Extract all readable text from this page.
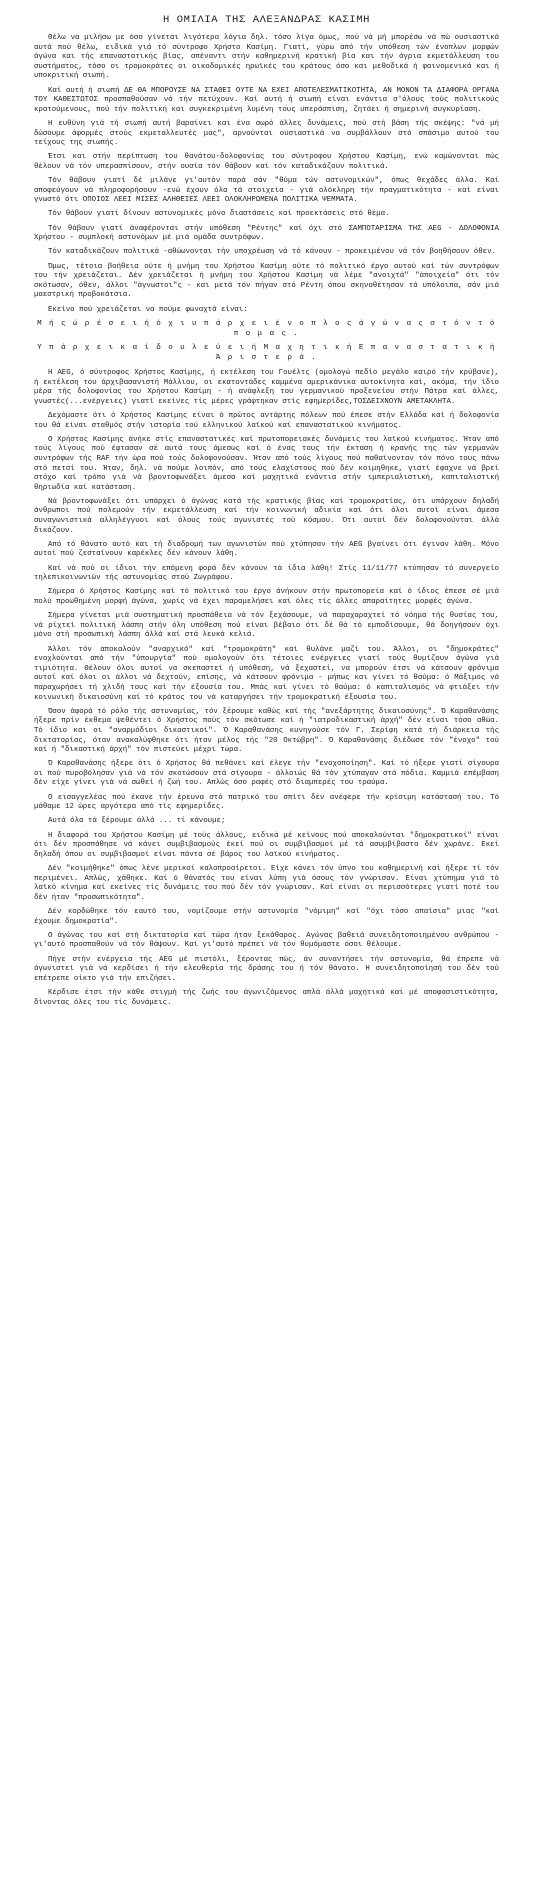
Η ΟΜΙΛΙΑ ΤΗΣ ΑΛΕΞΑΝΔΡΑΣ ΚΑΣΙΜΗ
Θέλω να μιλήσω με όσο γίνεται λιγότερα λόγια δηλ. τόσο λίγα όμως, πού νά μή μπορέσω νά πώ ουσιαστικά αυτά πού θέλω, ειδικά γιά τό σύντροφο Χρήστο Κασίμη. Γιατί, γύρω από τήν υπόθεση τών ένοπλων μορφών άγώνα και τής επαναστατικής βίας, απέναντι στήν καθημερινή κρατική βία και τήν άγρια εκμετάλλευση του συστήματος, τόσο οι τρομοκράτες οι οικοδομικές ηρωϊκές του κράτους όσο και μεθοδικά ή φαινομενικά και ή υποκριτική σιωπή.
Καί αυτή ή σιωπή ΔΕ ΘΑ ΜΠΟΡΟΥΣΕ ΝΑ ΣΤΑΘΕΙ ΟΥΤΕ ΝΑ ΕΧΕΙ ΑΠΟΤΕΛΕΣΜΑΤΙΚΟΤΗΤΑ, ΑΝ ΜΟΝΟΝ ΤΑ ΔΙΑΦΟΡΑ ΟΡΓΑΝΑ ΤΟΥ ΚΑΘΕΣΤΩΤΟΣ προσπαθούσαν νά τήν πετύχουν. Καί αυτή ή σιωπή είναι ενάντια σ'όλους τούς πολιτικούς κρατούμενους, πού τήν πολιτική και συγκεκριμένη λυμένη τους υπεράσπιση, ζητάει ή σημερινή συγκυρίαση.
Η ευθύνη γιά τή σιωπή αυτή βαραίνει και ένα σωρό άλλες δυνάμεις, πού στή βάση τής σκέψης: "νά μή δώσουμε άφορμές στούς εκμεταλλευτές μας", αρνούνται ουσιαστικά να συμβάλλουν στό σπάσιμο αυτού του τείχους της σιωπής.
Έτσι και στήν περίπτωση του θανάτου-δολοφονίας του σύντροφου Χρήστου Κασίμη, ενώ καμώνονται πώς θέλουν νά τόν υπερασπίσουν, στήν ουσία τόν θάβουν καί τόν καταδικάζουν πολιτικά.
Τόν θάβουν γιατί δέ μιλάνε γι'αυτόν παρά σάν "θύμα τών αστυνομικών", όπως θεχάδες άλλα. Καί αποφεύγουν νά πληροφορήσουν -ενώ έχουν όλα τά στοιχεία - γιά ολόκληρη τήν πραγματικότητα - καί είναι γνωστό ότι ΟΠΟΙΟΣ ΛΕΕΙ ΜΙΣΕΣ ΑΛΗΘΕΙΕΣ ΛΕΕΙ ΟΛΟΚΛΗΡΩΜΕΝΑ ΠΟΛΙΤΙΚΑ ΨΕΜΜΑΤΑ.
Τόν θάβουν γιατί δίνουν αστυνομικές μόνο διαστάσεις καί προεκτάσεις στό θέμα.
Τόν θάβουν γιατί άναφέρονται στήν υπόθεση "Ρέντης" καί όχι στό ΣΑΜΠΟΤΑΡΙΣΜΑ ΤΗΣ ΑΕG - ΔΟΛΟΦΟΝΙΑ Χρήστου - συμπλοκή αστυνόμων μέ μιά ομάδα συντρόφων.
Τόν καταδικάζουν πολιτικά -αθώωνονται τήν υποχρέωση νά τό κάνουν - προκειμένου νά τόν βοηθήσουν όθεν.
Όμως, τέτοια βοήθεια ούτε ή μνήμη του Χρήστου Κασίμη ούτε τό πολιτικό έργο αυτού καί τών συντρόφων του τήν χρειάζεται. Δέν χρειάζεται ή μνήμη του Χρήστου Κασίμη νά λέμε "ανοιχτά" "άποιχεία" ότι τόν σκότωσαν, όθεν, άλλοι "άγνωστοι"ς - και μετά τόν πήγαν στό Ρέντη όπου σκηνοθέτησαν τά υπόλοιπα, σάν μιά μαεστρική προβοκάτσια.
Εκείνο πού χρειάζεται να πούμε φωναχτά είναι:
Μ ή ς ώ ρ έ σ ε ι ή ό χ ι υ π ά ρ χ ε ι έ ν ο π λ ο ς ά γ ώ ν α ς σ τ ό ν τ ό π ο μ α ς .
Υ π ά ρ χ ε ι κ α ί δ ο υ λ ε ύ ε ι ή Μ α χ η τ ι κ ή Ε π α ν α σ τ α τ ι κ ή Ά ρ ι σ τ ε ρ ά .
Η ΑΕG, ό σύντροφος Χρήστος Κασίμης, ή εκτέλεση του Γουέλτς (ομολογώ πεδίο μεγάλο καιρό τήν κρύβανε), ή εκτέλεση του άρχιβασανιστή Μάλλιου, οι εκατοντάδες καμμένα αμερικάνικα αυτοκίνητα καί, ακόμα, τήν ίδιο μέρα τής δολοφονίας του Χρήστου Κασίμη - ή ανάφλεξη του γερμανικού προξενείου στήν Πάτρα καί άλλες, γνωστές(...ενέργειες) γιατί εκείνες τίς μέρες γράφτηκαν στίς εφημερίδες,ΤΟΣΔΕΙΧΝΟΥΝ ΑΜΕΤΑΚΛΗΤΑ.
Δεχόμαστε ότι ό Χρήστος Κασίμης είναι ό πρώτος αντάρτης πόλεων πού έπεσε στήν Ελλάδα καί ή δολοφονία του θά είναι σταθμός στήν ιστορία τού ελληνικού λαϊκού καί επαναστατικού κινήματος.
Ο Χρήστος Κασίμης άνήκε στίς επαναστατικές καί πρωτοπορειακές δυνάμεις του λαϊκού κινήματος. Ήταν από τούς λίγους πού έφτασαν σέ αυτά τους άμεσως καί ό ένας τους τήν έκταση ή κρανής της τών γερμανών συντρόφων τής RAF τήν ώρα πού τούς δολοφονούσαν. Ήταν από τούς λίγους πού παθαίνονταν τόν πόνο τους πάνω στό πετσί του. Ήταν, δηλ. νά πούμε λοιπόν, από τούς ελαχίστους πού δέν κοιμηθηκε, γιατί έφαχνε νά βρεί στόχο καί τρόπο γιά νά βροντοφωνάξει άμεσα καί μαχητικά ενάντια στήν ιμπεριαλιστική, καπιταλιστική θηριωδία καί κατάσταση.
Νά βροντοφωνάξει ότι υπάρχει ό άγώνας κατά τής κρατικής βίας καί τρομοκρατίας, ότι υπάρχουν δηλαδή άνθρωποι πού πολεμούν τήν εκμετάλλευση καί τήν κοινωνική αδικία καί ότι όλοι αυτοί είναι άμεσα συναγωνιστικά αλληλέγγυοι καί όλους τούς αγωνιστές τού κόσμου. Ότι αυτοί δέν δολοφονούνται άλλά δικάζουν.
Από τό θάνατο αυτό και τή διαδρομή των αγωνιστών πού χτύπησαν τήν ΑΕG βγαίνει ότι έγιναν λάθη. Μόνο αυτοί πού ζεσταίνουν καρέκλες δέν κάνουν λάθη.
Καί νά πού οι ίδιοι τήν επόμενη φορά δέν κάνουν τά ίδια λάθη! Στίς 11/11/77 κτύπησαν τό συνεργείο τηλεπικοινωνιών τής αστυνομίας στού Ζωγράφου.
Σήμερα ό Χρήστος Κασίμης καί τό πολιτικό του έργο άνήκουν στήν πρωτοπορεία καί ό ίδιος έπεσε σέ μιά πολύ προωθημένη μορφή άγώνα, χωρίς νά έχει παραμελήσει καί όλες τίς άλλες απαραίτητες μορφές άγώνα.
Σήμερα γίνεται μιά συστηματική προσπάθεια νά τόν ξεχάσουμε, νά παραχαραχτεί τό νόημα τής θυσίας του, νά ρίχτεί πολιτική λάσπη στήν όλη υπόθεση πού είναι βέβαιο ότι δέ θά τό εμποδίσουμε, θά δοηγήσουν όχι μόνο στή προσωπική λάσπη άλλά καί στά λευκά κελιά.
Άλλοι τόν αποκαλούν "αναρχικό" καί "τρομοκράτη" καί θυλάνε μαζί του. Άλλοι, οι "δημοκράτες" ενοχλούνται από τήν "ύπουργία" πού ομολογούν ότι τέτοιες ενέργειες γιατί τούς θυμίζουν άγώνα γιά τιμιότητα. Θέλουν όλοι αυτοί να σκεπαστεί ή υπόθεση, νά ξεχαστεί, να μπορούν έτσι νά κάτσουν φρόνιμα αυτοί καί όλοι οι άλλοι νά δεχτούν, επίσης, νά κάτσουν φρόνιμα - μήπως και γίνει τό θαύμα: ό Μάξιμος νά παραχωρήσει τή χλιδή τους καί τήν έξουσία του. Μπάς καί γίνει τό θαύμα: ό καπιταλισμός νά φτιάξει τήν κοινωνική δικαιοσύνη καί τό κράτος του νά καταργήσει τήν τρομοκρατική έξουσία του.
Όσον άφορά τό ρόλο τής αστυνομίας, τόν ξέρουμε καθώς καί τής "ανεξάρτητης δικαιοσύνης". Ό Καραθανάσης ήξερε πρίν έκθεμα ψεθέντει ό Χρήστος πούς τόν σκότωσε καί ή "ιατροδικαστική άρχή" δέν είναι τόσο αθώα. Τό ίδιο και οι "αναρμόδιοι δικαστικοί". Ό Καραθανάσης κυνηγούσε τόν Γ. Σερίφη κατά τή διάρκεια τής δικτατορίας, όταν ανακαλύφθηκε ότι ήταν μέλος τής "20 Οκτώβρη". Ό Καραθανάσης διέδωσε τόν "ένοχο" τού καί ή "δικαστική άρχή" τόν πιστεύει μέχρι τώρα.
Ό Καραθανάσης ήξερε ότι ό Χρήστος θά πεθάνει καί έλεγε τήν "ενοχοποίηση". Καί τό ήξερε γιατί σίγουρα οι πού πυροβόλησαν γιά νά τόν σκοτώσουν στά σίγουρα - άλλοιώς θά τόν χτύπαγαν στά πόδια. Καμμιά επέμβαση δέν είχε γίνει γιά νά σωθεί ή ζωή του. Απλώς όσο ραφές στό διαμπερές του τραύμα.
Ο εισαγγελέας πού έκανε τήν έρευνα στό πατρικό του σπίτι δέν ανέφερε τήν κρίσιμη κατάστασή του. Τό μάθαμε 12 ώρες αργότερα από τίς εφημερίδες.
Αυτά όλα τά ξέρουμε άλλά ... τί κάνουμε;
Η διαφορά του Χρήστου Κασίμη μέ τούς άλλους, ειδικά μέ κείνους πού αποκαλούνται "δημοκρατικοί" είναι ότι δέν προσπάθησε νά κάνει συμβιβασμούς έκεί πού οι συμβιβασμοί μέ τά ασυμβίβαστα δέν χωράνε. Εκεί δηλαδή όπου οι συμβιβασμοί είναι πάντα σέ βάρος του λαϊκού κινήματος.
Δέν "κοιμήθηκε" όπως λένε μερικοί καλοπροαίρετοι. Είχε κάνει τόν ύπνο του καθημερινή καί ήξερε τί τόν περιμένει. Απλώς, χάθηκε. Καί ό θάνατός του είναι λύπη γιά όσους τόν γνώρισαν. Είναι χτύπημα γιά τό λαϊκό κίνημα καί εκείνες τίς δυνάμεις του πού δέν τόν γνώρισαν. Καί είναι οι περισσότερες γιατί ποτέ του δέν ήταν "προσωπικότητα".
Δέν κορδώθηκε τόν εαυτό του, νομίζουμε στήν αστυνομία "νόμιμη" καί "όχι τόσο απαίσια" μιας "καί έχουμε δημοκρατία".
Ο άγώνας του καί στή δικτατορία καί τώρα ήταν ξεκάθαρος. Αγώνας βαθειά συνειδητοποιημένου ανθρώπου - γι'αυτό προσπαθούν νά τόν θάψουν. Καί γι'αυτό πρέπει νά τόν θυμόμαστε όσοι θέλουμε.
Πήγε στήν ενέργεια τής ΑΕG μέ πιστόλι, ξέροντας πώς, άν συναντήσει τήν αστυνομία, θά έπρεπε νά άγωνιστεί γιά νά κερδίσει ή τήν ελευθερία τής δράσης του ή τόν θάνατο. Η συνειδητοποίησή του δέν τού επέτρεπε οίκτο γιά τήν επιζήσει.
Κέρδισε έτσι τήν κάθε στιγμή τής ζωής του άγωνιζόμενος απλά άλλά μαχητικά καί μέ αποφασιστικότητα, δίνοντας όλες του τίς δυνάμεις.
